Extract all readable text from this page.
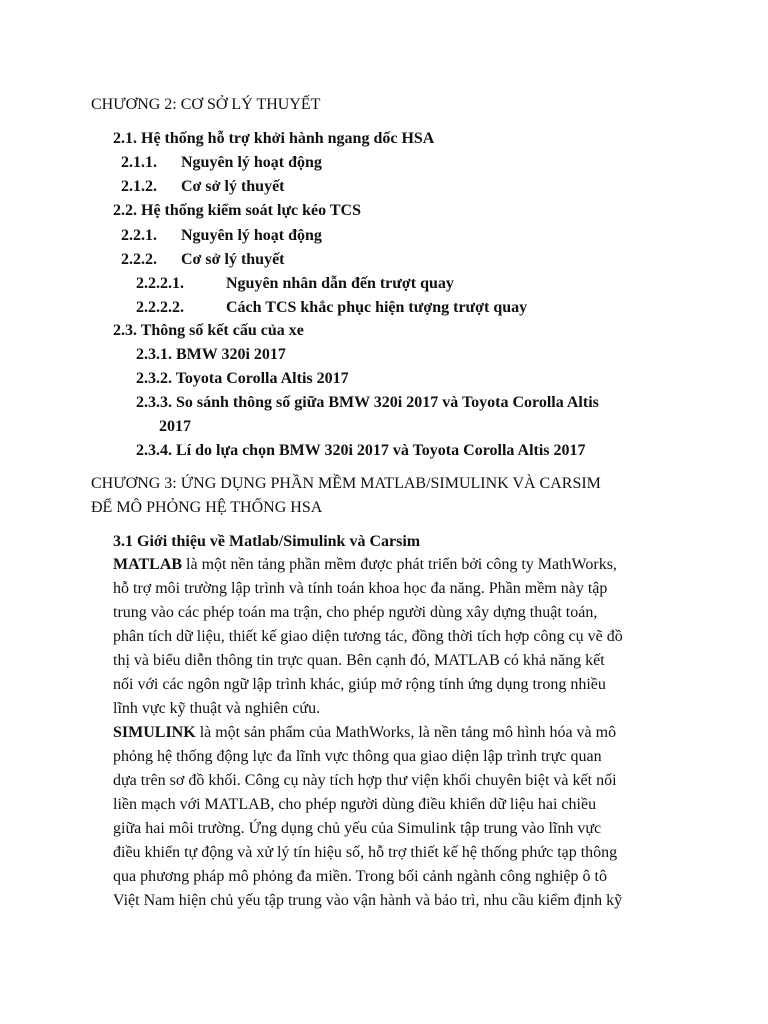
CHƯƠNG 2: CƠ SỞ LÝ THUYẾT
2.1. Hệ thống hỗ trợ khởi hành ngang dốc HSA
2.1.1. Nguyên lý hoạt động
2.1.2. Cơ sở lý thuyết
2.2. Hệ thống kiểm soát lực kéo TCS
2.2.1. Nguyên lý hoạt động
2.2.2. Cơ sở lý thuyết
2.2.2.1.	Nguyên nhân dẫn đến trượt quay
2.2.2.2.	Cách TCS khắc phục hiện tượng trượt quay
2.3. Thông số kết cấu của xe
2.3.1. BMW 320i 2017
2.3.2. Toyota Corolla Altis 2017
2.3.3. So sánh thông số giữa BMW 320i 2017 và Toyota Corolla Altis
2017
2.3.4. Lí do lựa chọn BMW 320i 2017 và Toyota Corolla Altis 2017
CHƯƠNG 3: ỨNG DỤNG PHẦN MỀM MATLAB/SIMULINK VÀ CARSIM
ĐỂ MÔ PHỎNG HỆ THỐNG HSA
3.1 Giới thiệu về Matlab/Simulink và Carsim

MATLAB là một nền tảng phần mềm được phát triển bởi công ty MathWorks,

hỗ trợ môi trường lập trình và tính toán khoa học đa năng. Phần mềm này tập

trung vào các phép toán ma trận, cho phép người dùng xây dựng thuật toán,

phân tích dữ liệu, thiết kế giao diện tương tác, đồng thời tích hợp công cụ vẽ đồ

thị và biểu diễn thông tin trực quan. Bên cạnh đó, MATLAB có khả năng kết

nối với các ngôn ngữ lập trình khác, giúp mở rộng tính ứng dụng trong nhiều

lĩnh vực kỹ thuật và nghiên cứu.

SIMULINK là một sản phẩm của MathWorks, là nền tảng mô hình hóa và mô

phỏng hệ thống động lực đa lĩnh vực thông qua giao diện lập trình trực quan

dựa trên sơ đồ khối. Công cụ này tích hợp thư viện khối chuyên biệt và kết nối

liền mạch với MATLAB, cho phép người dùng điều khiển dữ liệu hai chiều

giữa hai môi trường. Ứng dụng chủ yếu của Simulink tập trung vào lĩnh vực

điều khiển tự động và xử lý tín hiệu số, hỗ trợ thiết kế hệ thống phức tạp thông

qua phương pháp mô phỏng đa miền. Trong bối cảnh ngành công nghiệp ô tô

Việt Nam hiện chủ yếu tập trung vào vận hành và bảo trì, nhu cầu kiểm định kỹ
